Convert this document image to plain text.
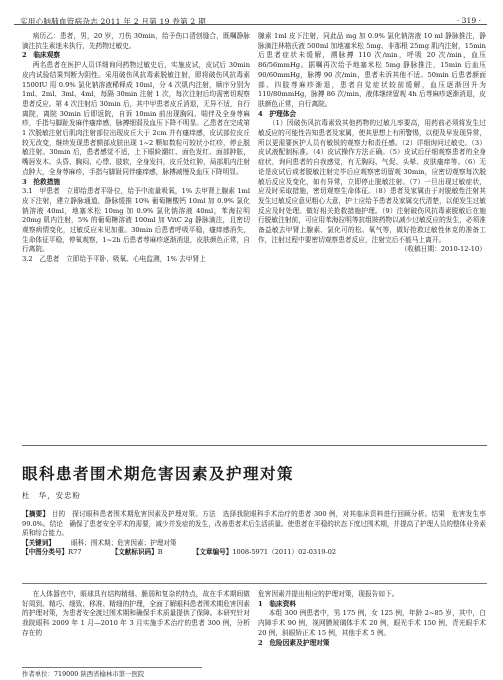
实用心脑肺血管病杂志 2011 年 2 月第 19 卷第 2 期	· 319 ·

病历乙：患者，男，20 岁，刀伤 30min，给予伤口清创缝合，既嘱静脉滴注抗生素迷未执行，先药物过敏史。

2　临床观察

两名患者在医护人员详细询问药物过敏史后，实施皮试，皮试后 30min 皮内试验结果判断为阴性。采用破伤风抗毒素脱敏注射，即将破伤风抗毒素 1500IU 用 0.9% 氯化钠溶液稀释成 10ml，分 4 次肌内注射，顺序分别为 1ml、2ml、3ml、4ml，每隔 30min 注射 1 次，每次注射后均需密切观察患者反应。第 4 次注射后 30min 后，其中甲患者皮丘消退，无异不适，自行离院，离院 30min 后即返院，自诉 10min 前出现胸闷、喘伴及全身荨麻疹，手指与脚趾发麻伴瘙痒感，脉搏细弱及血压下降不明显。乙患者在完成第 1 次脱敏注射后肌肉注射部位出现皮丘大于 2cm 并有瘙痒感，皮试部位皮丘较无改变，继续发现患者额部皮肤出现 1~2 颗如数粒可较状小红疹，停止脱敏注射。30min 后，患者感觉不适，上下眼睑潮红、面色发红、面部肿胀，嘴唇发木、头昏、胸闷、心悸、肢软，全身发抖，皮丘处红肿，局部肌内注射点肿大，全身荨麻疹，手指与脚趾同伴瘙痒感，脉搏减慢及血压下降明显。

3　抢救措施

3.1　甲患者　立即给患者平卧位，给予中流量吸氧，1% 去甲肾上腺素 1ml 皮下注射，建立静脉通道，静脉缓推 10% 葡萄糖酸钙 10ml 加 0.9% 氯化钠溶液 40ml，地塞米松 10mg 加 0.9% 氯化钠溶液 40ml，苯海拉明 20mg 肌内注射，5% 的葡萄糖溶液 100ml 加 VitC 2g 静脉滴注，且密切观察病情变化，过敏反应未见加重。30min 后患者呼吸平稳，瘙痒感消失，生命体征平稳，停氧观察，1~2h 后患者荨麻疹逐渐消退，皮肤颜色正常，自行离院。

3.2　乙患者　立即给予平卧、吸氧、心电监测，1% 去甲肾上

腺素 1ml 皮下注射，同此品 mg 加 0.9% 氯化钠溶液 10 ml 静脉推注，静脉滴注林格氏液 500ml 加地塞米松 5mg、非那根 25mg 肌内注射，15min 后患者症状未缓解，溯脉搏 110 次/min，呼吸 20 次/min，血压 86/56mmHg。据嘱再次给予地塞米松 5mg 静脉推注，15min 后血压 90/60mmHg，脉搏 90 次/min，患者未诉其他不适。50min 后患者颜面部、四肢荨麻疹渐退，患者自觉症状较前缓解，血压逐渐回升为 110/80mmHg，脉搏 86 次/min，液体继续留观 4h 后荨麻疹逐渐消退，皮肤颜色正常，自行离院。

4　护理体会

（1）因破伤风抗毒素致其他药物的过敏儿率要高，用药前必须将发生过敏反应的可能性告知患者及家属，使其思想上有所警惕，以便及早发现异常，所以更需要医护人员有敏锐的观察力和责任感。（2）详细询问过敏史。（3）皮试液配制标准。（4）皮试操作方法正确。（5）皮试后仔细观察患者的全身症状，询问患者的自我感觉，有无胸闷、气促、头晕、皮肤瘙痒等。（6）无论是皮试后或者脱敏注射完毕后应观察密切留观 30min，应密切观察每次脱敏后反应及变化，如有异常，立即停止脱敏注射。（7）一旦出现过敏症状，应及时采取措施，密切观察生命体征。（8）患者及家属由于对脱敏性注射其发生过敏反应意见粗心大意，护士应给予患者及家属交代清楚，以便发生过敏反应及时处理。做好相关抢救措施护理。（9）注射破伤风抗毒素脱敏后在施行脱敏注射前，可应用苯海拉明等抗组胺药物以减少过敏反应的发生，必须准备益敏去甲肾上腺素、氯化可的松、氧气等，做好抢救过敏性休克的准备工作，注射过程中要密切观察患者反应，注射完后不能马上离开。

（收稿日期：2010-12-10）

眼科患者围术期危害因素及护理对策
杜　华，安忠粉

【摘要】 目的　探讨眼科患者围术期危害因素及护理对策。方法　选择我院眼科手术治疗的患者 300 例，对其临床资料进行回顾分析。结果　危害发生率 99.0%。结论　确保了患者安全平术的需要，减少并发症的发生，改善患者术后生活质量。使患者在平稳的状态下度过围术期，并提高了护理人员的整体业务素质和综合能力。

【关键词】 眼科；围术期；危害因素；护理对策

【中图分类号】R77	【文献标识码】B	【文章编号】1008-5971（2011）02-0319-02

在人体器官中，眼球具有结构精细、脆弱和复杂的特点，故在手术期间做好周到、精巧、细致、移准、精细的护理，全面了解眼科患者围术期危害因素的护理对策，为患者安全渡过围术期和确保手术质量提供了保障。本研究针对我院眼科 2009 年 1 月—2010 年 3 月实施手术治疗的患者 300 例，分析存在的

危害因素并提出相应的护理对策，现报告如下。

1　临床资料

本组 300 例患者中，男 175 例，女 125 例，年龄 2~85 岁，其中，白内障手术 90 例，视网膜玻璃体手术 20 例，眼光手术 150 例，青光眼手术 20 例，斜眼矫正术 15 例，其他手术 5 例。

2　危险因素及护理对策

作者单位：719000 陕西省榆林市第一医院
